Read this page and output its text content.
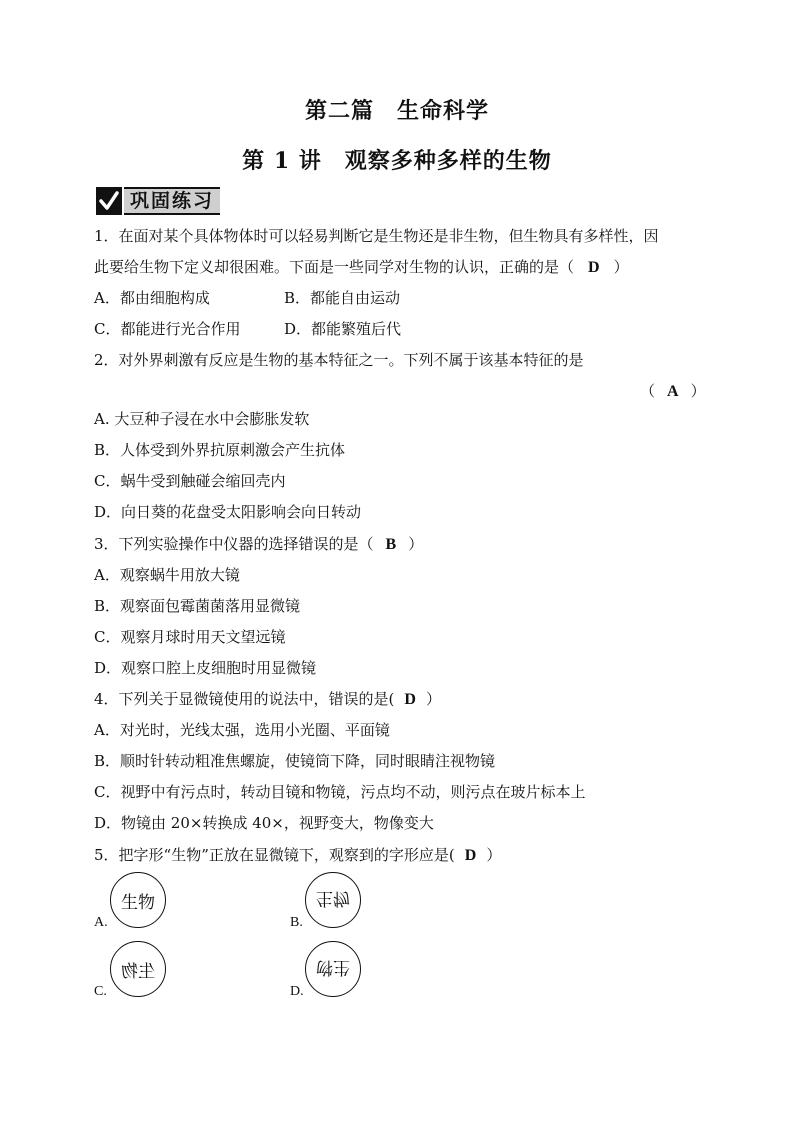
第二篇　生命科学
第 1 讲　观察多种多样的生物
巩固练习
1．在面对某个具体物体时可以轻易判断它是生物还是非生物，但生物具有多样性，因
此要给生物下定义却很困难。下面是一些同学对生物的认识，正确的是（ D ）
A．都由细胞构成	B．都能自由运动
C．都能进行光合作用	D．都能繁殖后代
2．对外界刺激有反应是生物的基本特征之一。下列不属于该基本特征的是
（ A ）
A. 大豆种子浸在水中会膨胀发软
B．人体受到外界抗原刺激会产生抗体
C．蜗牛受到触碰会缩回壳内
D．向日葵的花盘受太阳影响会向日转动
3．下列实验操作中仪器的选择错误的是（ B ）
A．观察蜗牛用放大镜
B．观察面包霉菌菌落用显微镜
C．观察月球时用天文望远镜
D．观察口腔上皮细胞时用显微镜
4．下列关于显微镜使用的说法中，错误的是( D ）
A．对光时，光线太强，选用小光圈、平面镜
B．顺时针转动粗准焦螺旋，使镜筒下降，同时眼睛注视物镜
C．视野中有污点时，转动目镜和物镜，污点均不动，则污点在玻片标本上
D．物镜由 20×转换成 40×，视野变大，物像变大
5．把字形“生物”正放在显微镜下，观察到的字形应是( D ）
A.
生物
B.
生物
C.
生物
D.
生物
